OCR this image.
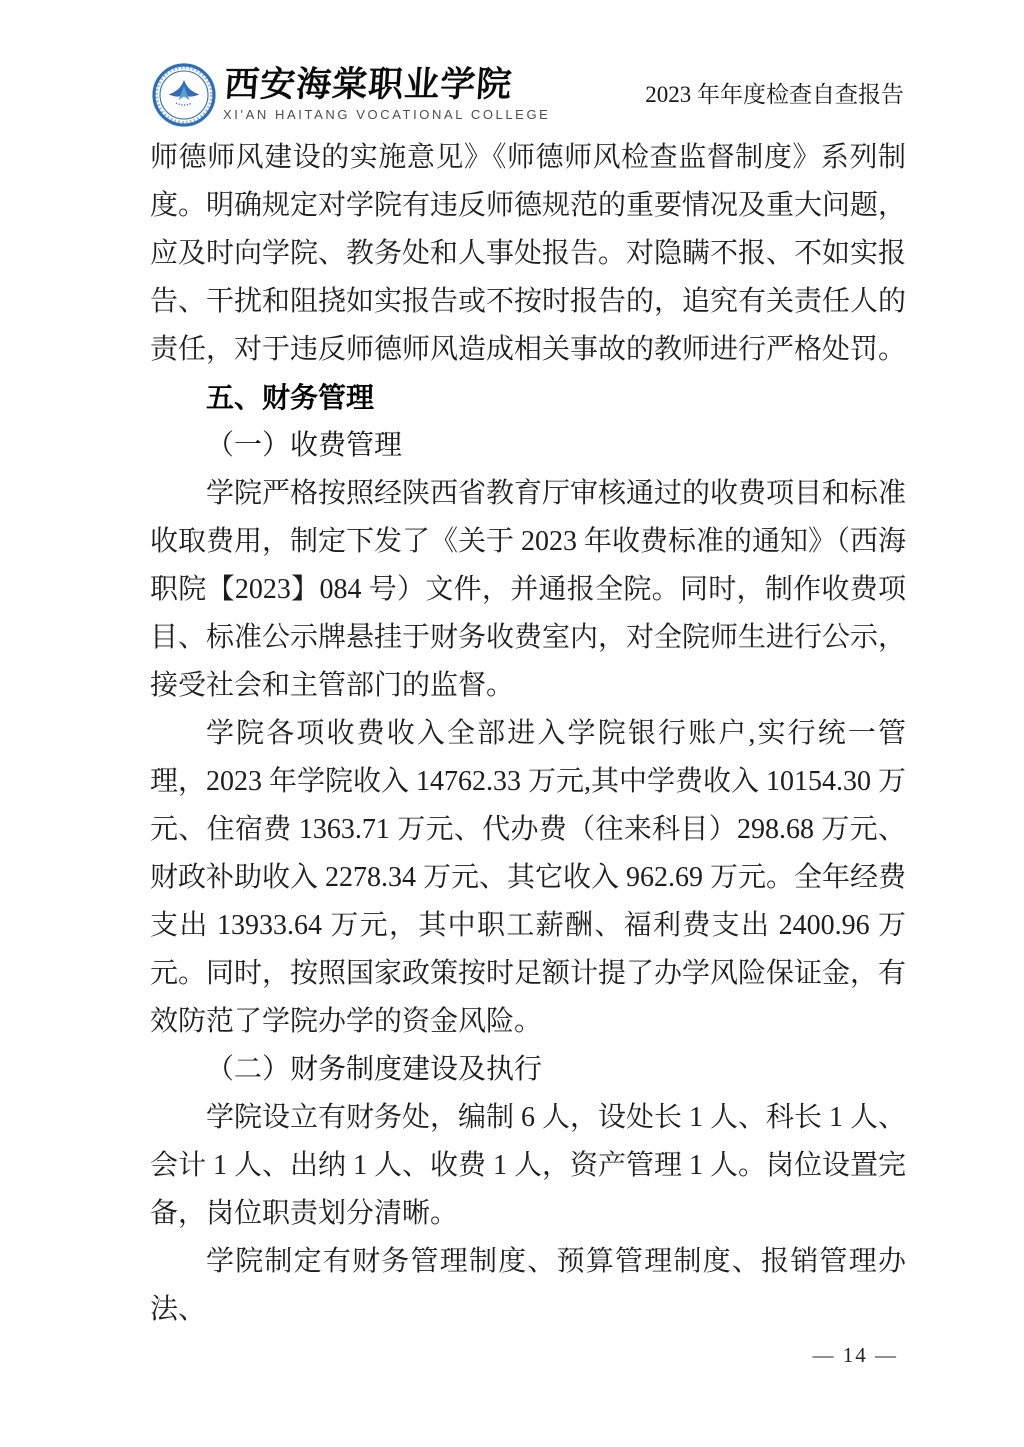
西安海棠职业学院
XI'AN HAITANG VOCATIONAL COLLEGE
2023 年年度检查自查报告

师德师风建设的实施意见》《师德师风检查监督制度》系列制度。明确规定对学院有违反师德规范的重要情况及重大问题，应及时向学院、教务处和人事处报告。对隐瞒不报、不如实报告、干扰和阻挠如实报告或不按时报告的，追究有关责任人的责任，对于违反师德师风造成相关事故的教师进行严格处罚。

五、财务管理
（一）收费管理

学院严格按照经陕西省教育厅审核通过的收费项目和标准收取费用，制定下发了《关于 2023 年收费标准的通知》（西海职院【2023】084 号）文件，并通报全院。同时，制作收费项目、标准公示牌悬挂于财务收费室内，对全院师生进行公示，接受社会和主管部门的监督。

学院各项收费收入全部进入学院银行账户,实行统一管理，2023 年学院收入 14762.33 万元,其中学费收入 10154.30 万元、住宿费 1363.71 万元、代办费（往来科目）298.68 万元、财政补助收入 2278.34 万元、其它收入 962.69 万元。全年经费支出 13933.64 万元，其中职工薪酬、福利费支出 2400.96 万元。同时，按照国家政策按时足额计提了办学风险保证金，有效防范了学院办学的资金风险。

（二）财务制度建设及执行

学院设立有财务处，编制 6 人，设处长 1 人、科长 1 人、会计 1 人、出纳 1 人、收费 1 人，资产管理 1 人。岗位设置完备，岗位职责划分清晰。

学院制定有财务管理制度、预算管理制度、报销管理办法、

— 14 —
